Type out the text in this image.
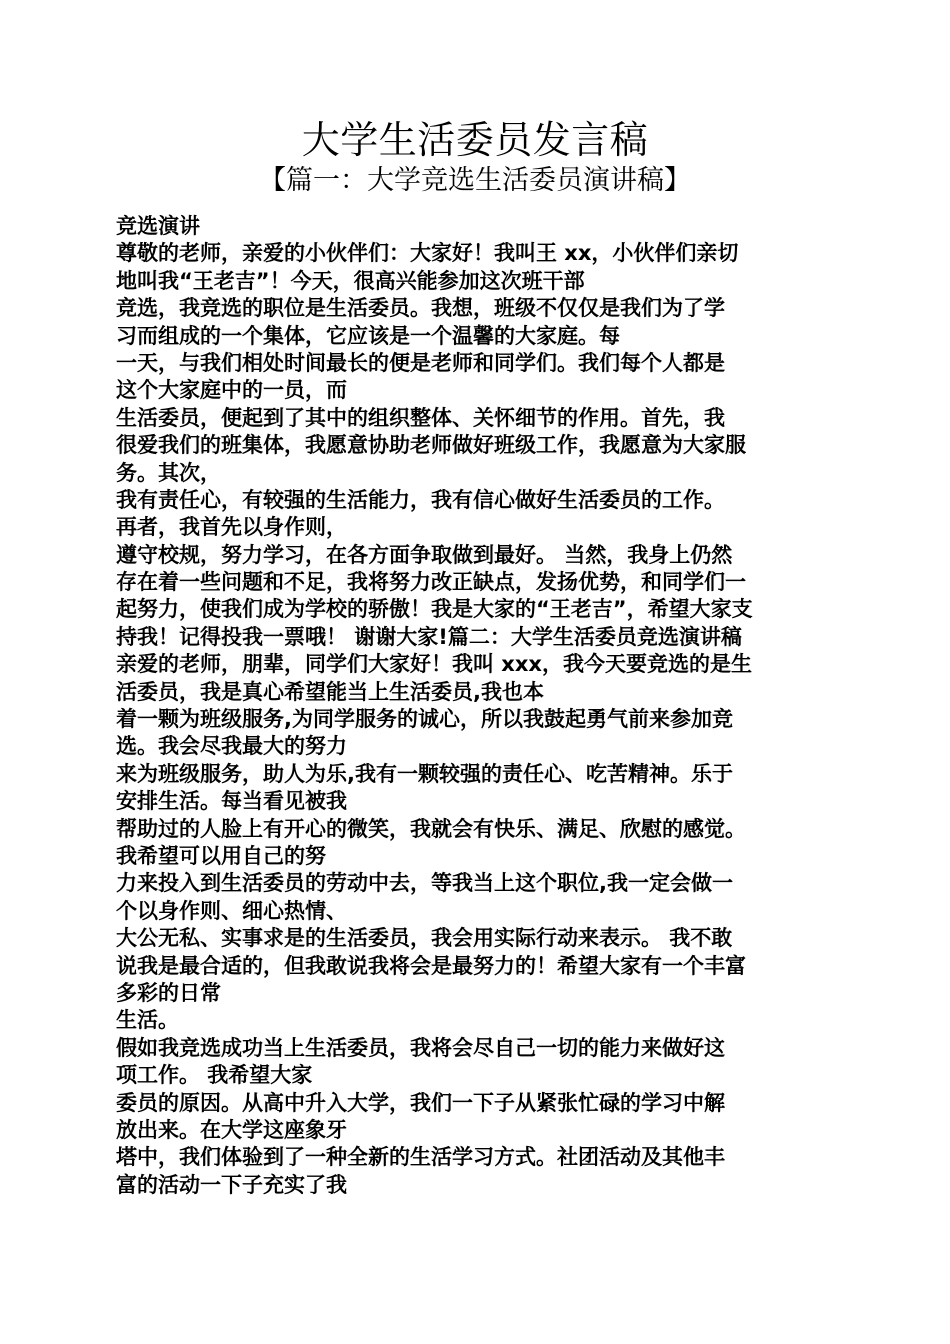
大学生活委员发言稿
【篇一：大学竞选生活委员演讲稿】
竞选演讲
尊敬的老师，亲爱的小伙伴们：大家好！我叫王 xx，小伙伴们亲切
地叫我“王老吉”！今天，很高兴能参加这次班干部
竞选，我竞选的职位是生活委员。我想，班级不仅仅是我们为了学
习而组成的一个集体，它应该是一个温馨的大家庭。每
一天，与我们相处时间最长的便是老师和同学们。我们每个人都是
这个大家庭中的一员，而
生活委员，便起到了其中的组织整体、关怀细节的作用。首先，我
很爱我们的班集体，我愿意协助老师做好班级工作，我愿意为大家服
务。其次，
我有责任心，有较强的生活能力，我有信心做好生活委员的工作。
再者，我首先以身作则，
遵守校规，努力学习，在各方面争取做到最好。 当然，我身上仍然
存在着一些问题和不足，我将努力改正缺点，发扬优势，和同学们一
起努力，使我们成为学校的骄傲！我是大家的“王老吉”，希望大家支
持我！记得投我一票哦！ 谢谢大家!篇二：大学生活委员竞选演讲稿
亲爱的老师，朋辈，同学们大家好！我叫 xxx，我今天要竞选的是生
活委员，我是真心希望能当上生活委员,我也本
着一颗为班级服务,为同学服务的诚心，所以我鼓起勇气前来参加竞
选。我会尽我最大的努力
来为班级服务，助人为乐,我有一颗较强的责任心、吃苦精神。乐于
安排生活。每当看见被我
帮助过的人脸上有开心的微笑，我就会有快乐、满足、欣慰的感觉。
我希望可以用自己的努
力来投入到生活委员的劳动中去，等我当上这个职位,我一定会做一
个以身作则、细心热情、
大公无私、实事求是的生活委员，我会用实际行动来表示。 我不敢
说我是最合适的，但我敢说我将会是最努力的！希望大家有一个丰富
多彩的日常
生活。
假如我竞选成功当上生活委员，我将会尽自己一切的能力来做好这
项工作。 我希望大家
委员的原因。从高中升入大学，我们一下子从紧张忙碌的学习中解
放出来。在大学这座象牙
塔中，我们体验到了一种全新的生活学习方式。社团活动及其他丰
富的活动一下子充实了我
